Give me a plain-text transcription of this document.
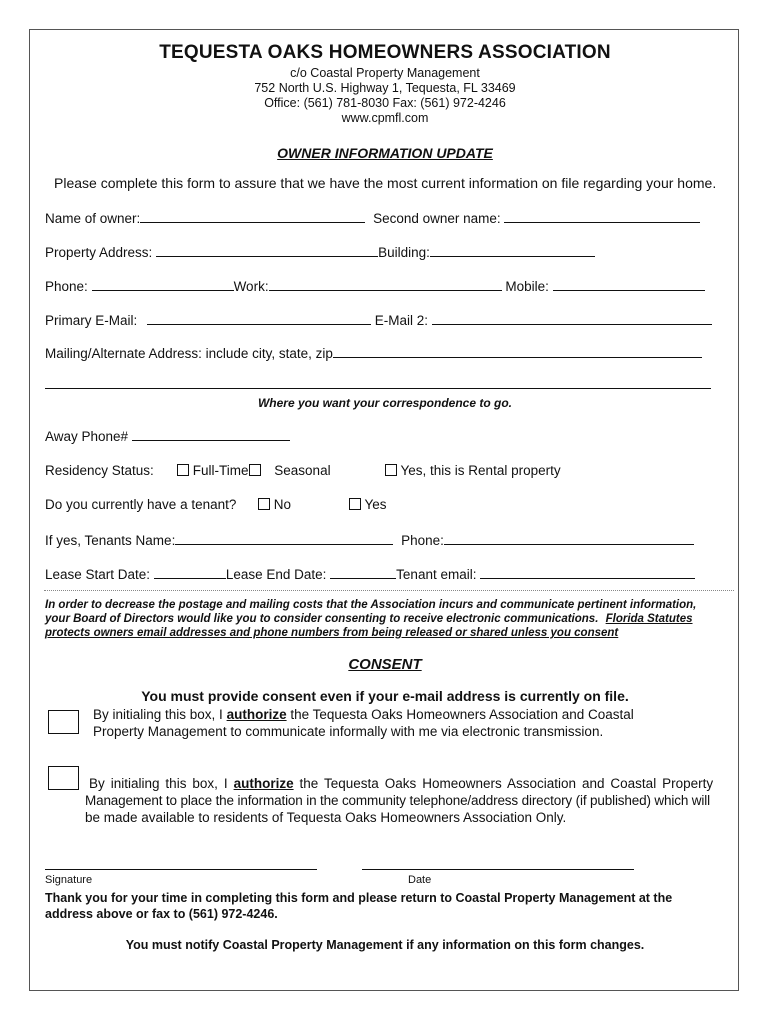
TEQUESTA OAKS HOMEOWNERS ASSOCIATION
c/o Coastal Property Management
752 North U.S. Highway 1, Tequesta, FL 33469
Office: (561) 781-8030 Fax: (561) 972-4246
www.cpmfl.com
OWNER INFORMATION UPDATE
Please complete this form to assure that we have the most current information on file regarding your home.
Name of owner:	Second owner name:
Property Address:	Building:
Phone:	Work:	Mobile:
Primary E-Mail:	E-Mail 2:
Mailing/Alternate Address: include city, state, zip
Where you want your correspondence to go.
Away Phone#
Residency Status:	Full-Time Seasonal	Yes, this is Rental property
Do you currently have a tenant?	No	Yes
If yes, Tenants Name:	Phone:
Lease Start Date:	Lease End Date:	Tenant email:
In order to decrease the postage and mailing costs that the Association incurs and communicate pertinent information,
your Board of Directors would like you to consider consenting to receive electronic communications. Florida Statutes
protects owners email addresses and phone numbers from being released or shared unless you consent
CONSENT
You must provide consent even if your e-mail address is currently on file.
By initialing this box, I authorize the Tequesta Oaks Homeowners Association and Coastal
Property Management to communicate informally with me via electronic transmission.
By initialing this box, I authorize the Tequesta Oaks Homeowners Association and Coastal Property
Management to place the information in the community telephone/address directory (if published) which will
be made available to residents of Tequesta Oaks Homeowners Association Only.
Signature	Date
Thank you for your time in completing this form and please return to Coastal Property Management at the
address above or fax to (561) 972-4246.
You must notify Coastal Property Management if any information on this form changes.
